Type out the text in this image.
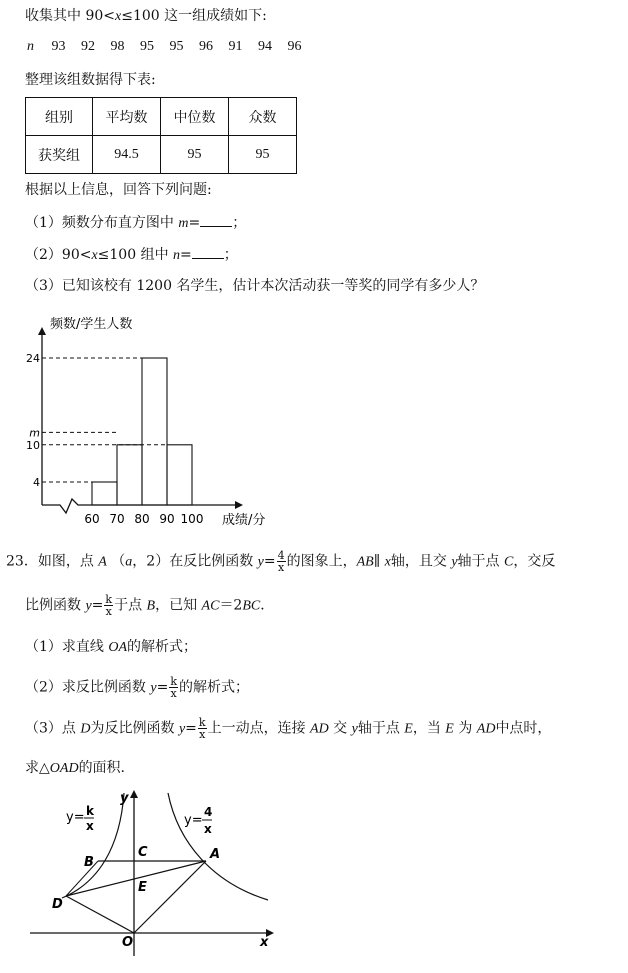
收集其中 90<x≤100 这一组成绩如下:
n 93 92 98 95 95 96 91 94 96
整理该组数据得下表:
组别	平均数	中位数	众数
获奖组	94.5	95	95
根据以上信息，回答下列问题:
（1）频数分布直方图中 m= ；
（2）90<x≤100 组中 n= ；
（3）已知该校有 1200 名学生，估计本次活动获一等奖的同学有多少人？
频数/学生人数
成绩/分
4
m
10
24
60 70 80 90 100
23．如图，点 A （a，2）在反比例函数 $y= \frac{4}{x}$ 的图象上，AB∥ x轴，且交 y轴于点 C，交反
比例函数 $y= \frac{k}{x}$ 于点 B，已知 AC＝2BC．
（1）求直线 OA的解析式；
（2）求反比例函数 $y= \frac{k}{x}$ 的解析式；
（3）点 D为反比例函数 $y= \frac{k}{x}$ 上一动点，连接 AD 交 y轴于点 E，当 E 为 AD中点时，
求△OAD的面积.
y= k
x	y=
4
x
B
C	A
E
D
O	x
y
